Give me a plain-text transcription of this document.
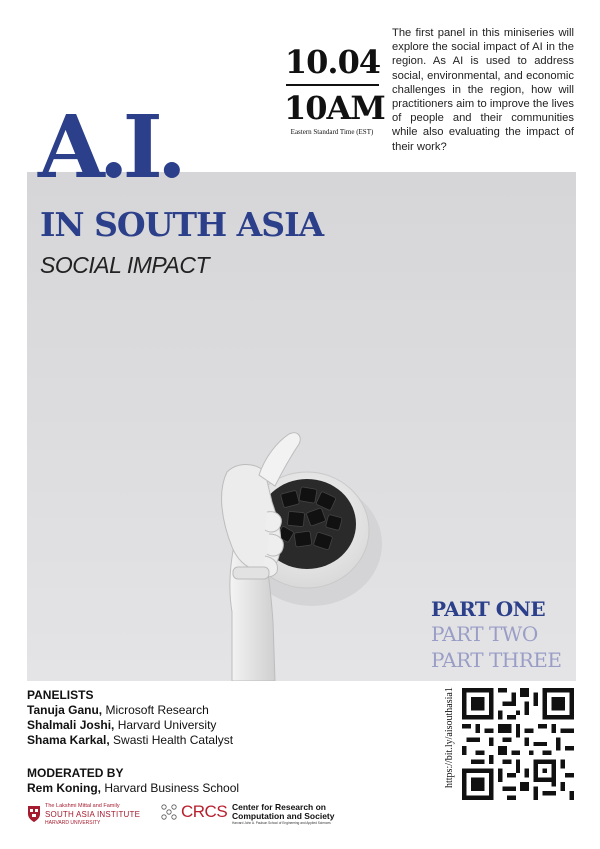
10.04
10AM
Eastern Standard Time (EST)
The first panel in this miniseries will explore the social impact of AI in the region. As AI is used to address social, environmental, and economic challenges in the region, how will practitioners aim to improve the lives of people and their communities while also evaluating the impact of their work?
A.I.
IN SOUTH ASIA
SOCIAL IMPACT
PART ONE
PART TWO
PART THREE
PANELISTS
Tanuja Ganu, Microsoft Research
Shalmali Joshi, Harvard University
Shama Karkal, Swasti Health Catalyst
MODERATED BY
Rem Koning, Harvard Business School
The Lakshmi Mittal and Family
SOUTH ASIA INSTITUTE
HARVARD UNIVERSITY
CRCS Center for Research on
Computation and Society
Harvard John A. Paulson School of Engineering and Applied Sciences
https://bit.ly/aisouthasia1
